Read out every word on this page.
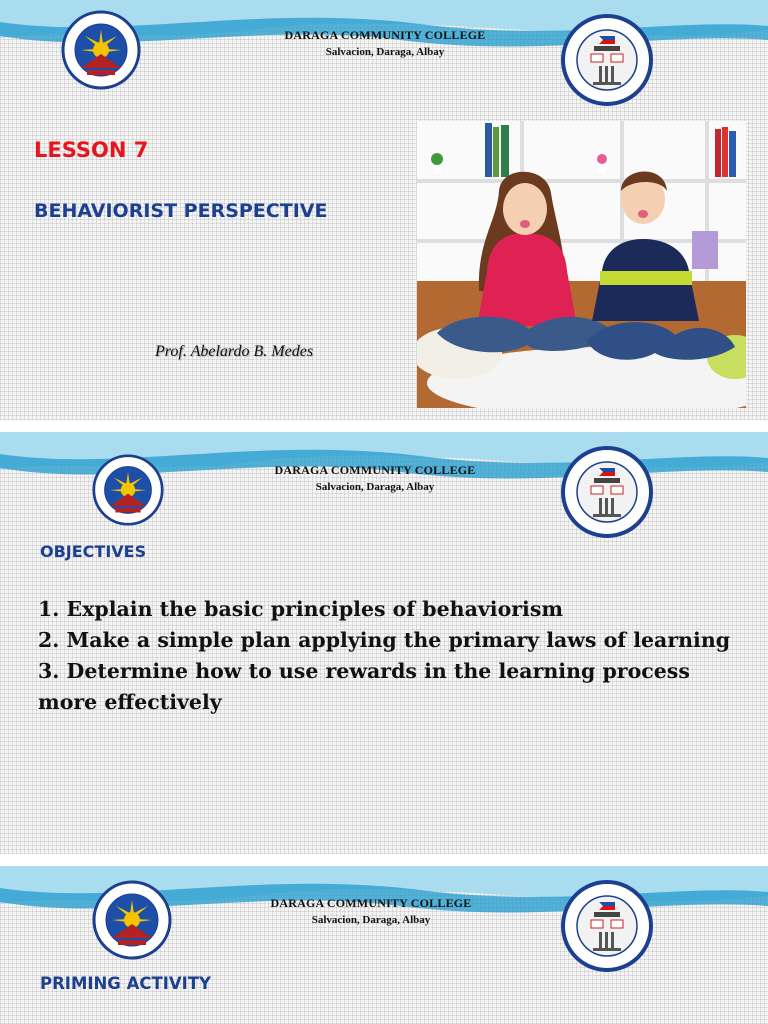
DARAGA COMMUNITY COLLEGE
Salvacion, Daraga, Albay
LESSON 7
BEHAVIORIST PERSPECTIVE
Prof. Abelardo B. Medes
DARAGA COMMUNITY COLLEGE
Salvacion, Daraga, Albay
OBJECTIVES
1. Explain the basic principles of behaviorism
2. Make a simple plan applying the primary laws of learning
3. Determine how to use rewards in the learning process more effectively
DARAGA COMMUNITY COLLEGE
Salvacion, Daraga, Albay
PRIMING ACTIVITY
